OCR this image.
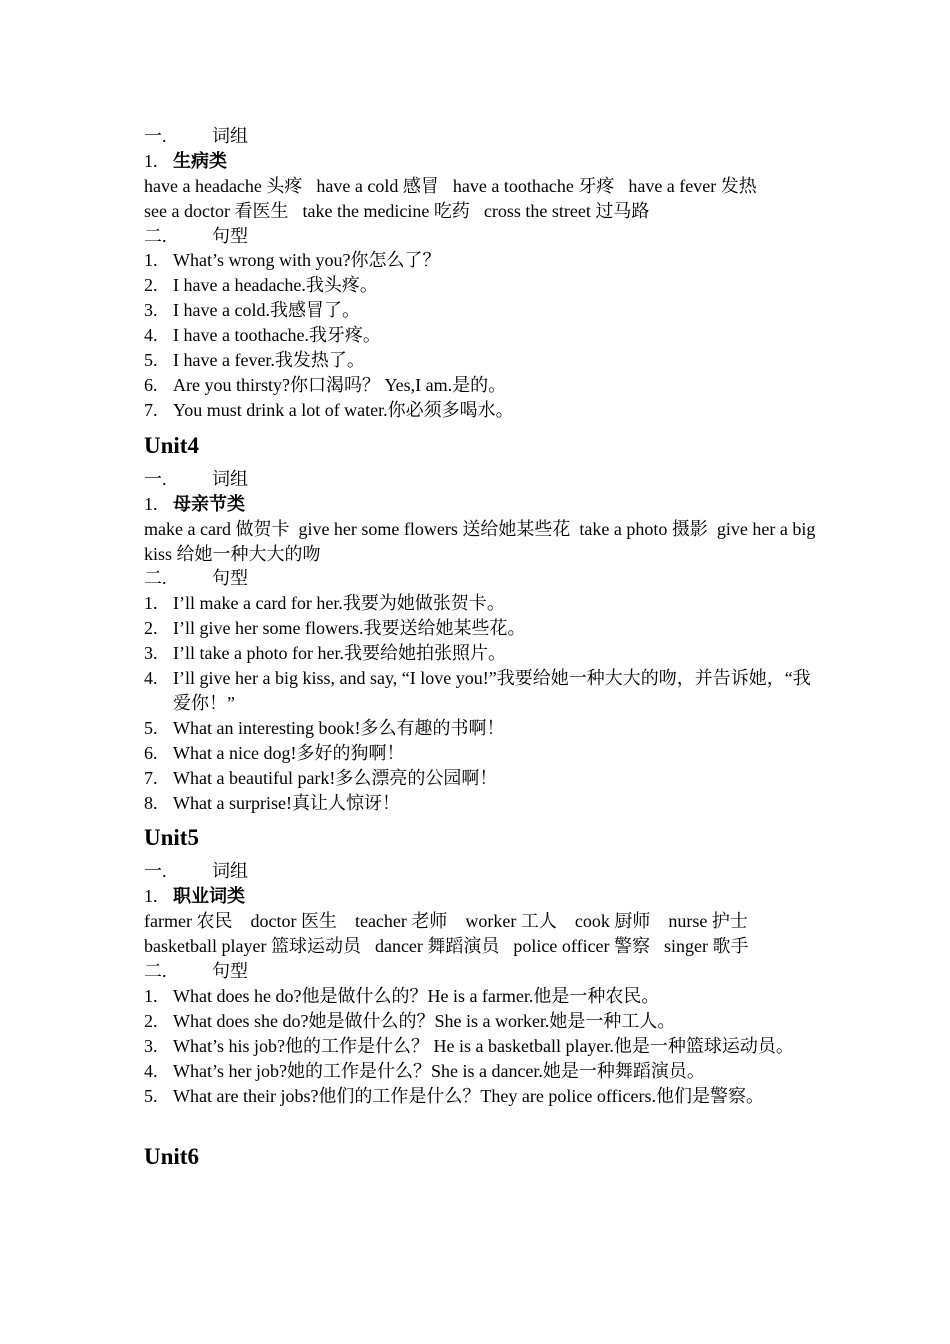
一.	词组
1. 生病类
have a headache 头疼 have a cold 感冒 have a toothache 牙疼 have a fever 发热
see a doctor 看医生 take the medicine 吃药 cross the street 过马路
二.	句型
1. What’s wrong with you?你怎么了？
2. I have a headache.我头疼。
3. I have a cold.我感冒了。
4. I have a toothache.我牙疼。
5. I have a fever.我发热了。
6. Are you thirsty?你口渴吗？ Yes,I am.是的。
7. You must drink a lot of water.你必须多喝水。
Unit4
一.	词组
1. 母亲节类
make a card 做贺卡  give her some flowers 送给她某些花  take a photo 摄影  give her a big kiss 给她一种大大的吻
二.	句型
1. I’ll make a card for her.我要为她做张贺卡。
2. I’ll give her some flowers.我要送给她某些花。
3. I’ll take a photo for her.我要给她拍张照片。
4. I’ll give her a big kiss, and say, “I love you!”我要给她一种大大的吻，并告诉她，“我爱你！”
5. What an interesting book!多么有趣的书啊！
6. What a nice dog!多好的狗啊！
7. What a beautiful park!多么漂亮的公园啊！
8. What a surprise!真让人惊讶！
Unit5
一.	词组
1. 职业词类
farmer 农民 doctor 医生 teacher 老师 worker 工人 cook 厨师 nurse 护士
basketball player 篮球运动员 dancer 舞蹈演员 police officer 警察 singer 歌手
二.	句型
1. What does he do?他是做什么的？He is a farmer.他是一种农民。
2. What does she do?她是做什么的？She is a worker.她是一种工人。
3. What’s his job?他的工作是什么？ He is a basketball player.他是一种篮球运动员。
4. What’s her job?她的工作是什么？She is a dancer.她是一种舞蹈演员。
5. What are their jobs?他们的工作是什么？They are police officers.他们是警察。
Unit6
